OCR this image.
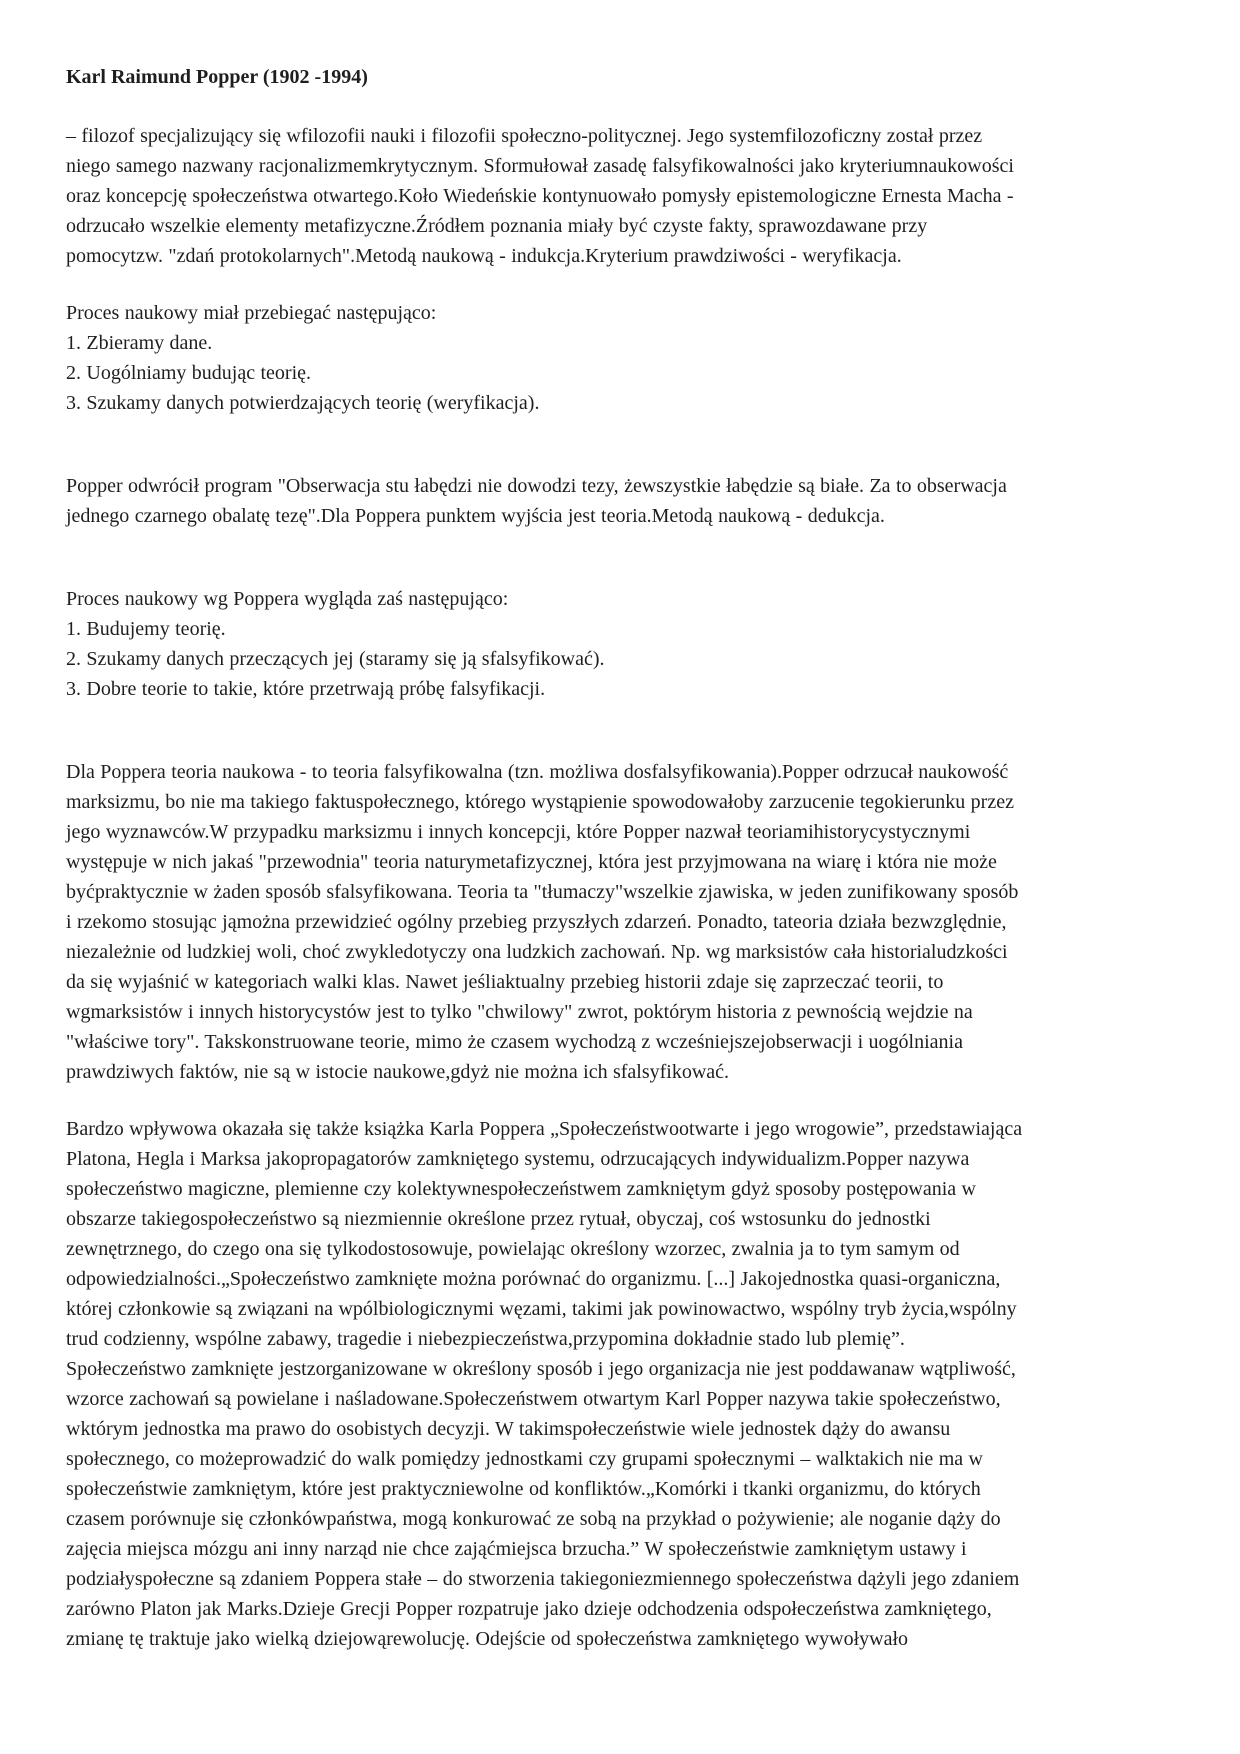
Karl Raimund Popper (1902 -1994)

– filozof specjalizujący się wfilozofii nauki i filozofii społeczno-politycznej. Jego systemfilozoficzny został przez
niego samego nazwany racjonalizmemkrytycznym. Sformułował zasadę falsyfikowalności jako kryteriumnaukowości
oraz koncepcję społeczeństwa otwartego.Koło Wiedeńskie kontynuowało pomysły epistemologiczne Ernesta Macha -
odrzucało wszelkie elementy metafizyczne.Źródłem poznania miały być czyste fakty, sprawozdawane przy
pomocytzw. "zdań protokolarnych".Metodą naukową - indukcja.Kryterium prawdziwości - weryfikacja.

Proces naukowy miał przebiegać następująco:
1. Zbieramy dane.
2. Uogólniamy budując teorię.
3. Szukamy danych potwierdzających teorię (weryfikacja).

Popper odwrócił program "Obserwacja stu łabędzi nie dowodzi tezy, żewszystkie łabędzie są białe. Za to obserwacja
jednego czarnego obalatę tezę".Dla Poppera punktem wyjścia jest teoria.Metodą naukową - dedukcja.

Proces naukowy wg Poppera wygląda zaś następująco:
1. Budujemy teorię.
2. Szukamy danych przeczących jej (staramy się ją sfalsyfikować).
3. Dobre teorie to takie, które przetrwają próbę falsyfikacji.

Dla Poppera teoria naukowa - to teoria falsyfikowalna (tzn. możliwa dosfalsyfikowania).Popper odrzucał naukowość
marksizmu, bo nie ma takiego faktuspołecznego, którego wystąpienie spowodowałoby zarzucenie tegokierunku przez
jego wyznawców.W przypadku marksizmu i innych koncepcji, które Popper nazwał teoriamihistorycystycznymi
występuje w nich jakaś "przewodnia" teoria naturymetafizycznej, która jest przyjmowana na wiarę i która nie może
byćpraktycznie w żaden sposób sfalsyfikowana. Teoria ta "tłumaczy"wszelkie zjawiska, w jeden zunifikowany sposób
i rzekomo stosując jąmożna przewidzieć ogólny przebieg przyszłych zdarzeń. Ponadto, tateoria działa bezwzględnie,
niezależnie od ludzkiej woli, choć zwykledotyczy ona ludzkich zachowań. Np. wg marksistów cała historialudzkości
da się wyjaśnić w kategoriach walki klas. Nawet jeśliaktualny przebieg historii zdaje się zaprzeczać teorii, to
wgmarksistów i innych historycystów jest to tylko "chwilowy" zwrot, poktórym historia z pewnością wejdzie na
"właściwe tory". Takskonstruowane teorie, mimo że czasem wychodzą z wcześniejszejobserwacji i uogólniania
prawdziwych faktów, nie są w istocie naukowe,gdyż nie można ich sfalsyfikować.

Bardzo wpływowa okazała się także książka Karla Poppera „Społeczeństwootwarte i jego wrogowie”, przedstawiająca
Platona, Hegla i Marksa jakopropagatorów zamkniętego systemu, odrzucających indywidualizm.Popper nazywa
społeczeństwo magiczne, plemienne czy kolektywnespołeczeństwem zamkniętym gdyż sposoby postępowania w
obszarze takiegospołeczeństwo są niezmiennie określone przez rytuał, obyczaj, coś wstosunku do jednostki
zewnętrznego, do czego ona się tylkodostosowuje, powielając określony wzorzec, zwalnia ja to tym samym od
odpowiedzialności.„Społeczeństwo zamknięte można porównać do organizmu. [...] Jakojednostka quasi-organiczna,
której członkowie są związani na wpólbiologicznymi węzami, takimi jak powinowactwo, wspólny tryb życia,wspólny
trud codzienny, wspólne zabawy, tragedie i niebezpieczeństwa,przypomina dokładnie stado lub plemię”.
Społeczeństwo zamknięte jestzorganizowane w określony sposób i jego organizacja nie jest poddawanaw wątpliwość,
wzorce zachowań są powielane i naśladowane.Społeczeństwem otwartym Karl Popper nazywa takie społeczeństwo,
wktórym jednostka ma prawo do osobistych decyzji. W takimspołeczeństwie wiele jednostek dąży do awansu
społecznego, co możeprowadzić do walk pomiędzy jednostkami czy grupami społecznymi – walktakich nie ma w
społeczeństwie zamkniętym, które jest praktyczniewolne od konfliktów.„Komórki i tkanki organizmu, do których
czasem porównuje się członkówpaństwa, mogą konkurować ze sobą na przykład o pożywienie; ale noganie dąży do
zajęcia miejsca mózgu ani inny narząd nie chce zająćmiejsca brzucha.” W społeczeństwie zamkniętym ustawy i
podziałyspołeczne są zdaniem Poppera stałe – do stworzenia takiegoniezmiennego społeczeństwa dążyli jego zdaniem
zarówno Platon jak Marks.Dzieje Grecji Popper rozpatruje jako dzieje odchodzenia odspołeczeństwa zamkniętego,
zmianę tę traktuje jako wielką dziejowąrewolucję. Odejście od społeczeństwa zamkniętego wywoływało
